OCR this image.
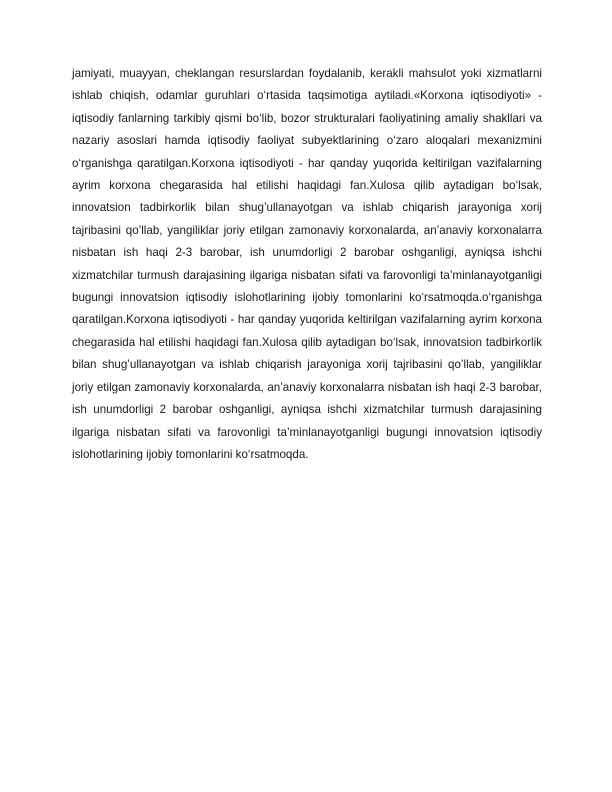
jamiyati, muayyan, cheklangan resurslardan foydalanib, kerakli mahsulot yoki xizmatlarni ishlab chiqish, odamlar guruhlari o‘rtasida taqsimotiga aytiladi.«Korxona iqtisodiyoti» - iqtisodiy fanlarning tarkibiy qismi bo‘lib, bozor strukturalari faoliyatining amaliy shakllari va nazariy asoslari hamda iqtisodiy faoliyat subyektlarining o‘zaro aloqalari mexanizmini o‘rganishga qaratilgan.Korxona iqtisodiyoti - har qanday yuqorida keltirilgan vazifalarning ayrim korxona chegarasida hal etilishi haqidagi fan.Xulosa qilib aytadigan bo‘lsak, innovatsion tadbirkorlik bilan shug’ullanayotgan va ishlab chiqarish jarayoniga xorij tajribasini qo’llab, yangiliklar joriy etilgan zamonaviy korxonalarda, an’anaviy korxonalarra nisbatan ish haqi 2-3 barobar, ish unumdorligi 2 barobar oshganligi, ayniqsa ishchi xizmatchilar turmush darajasining ilgariga nisbatan sifati va farovonligi ta’minlanayotganligi bugungi innovatsion iqtisodiy islohotlarining ijobiy tomonlarini ko‘rsatmoqda.o‘rganishga qaratilgan.Korxona iqtisodiyoti - har qanday yuqorida keltirilgan vazifalarning ayrim korxona chegarasida hal etilishi haqidagi fan.Xulosa qilib aytadigan bo‘lsak, innovatsion tadbirkorlik bilan shug’ullanayotgan va ishlab chiqarish jarayoniga xorij tajribasini qo’llab, yangiliklar joriy etilgan zamonaviy korxonalarda, an’anaviy korxonalarra nisbatan ish haqi 2-3 barobar, ish unumdorligi 2 barobar oshganligi, ayniqsa ishchi xizmatchilar turmush darajasining ilgariga nisbatan sifati va farovonligi ta’minlanayotganligi bugungi innovatsion iqtisodiy islohotlarining ijobiy tomonlarini ko‘rsatmoqda.
